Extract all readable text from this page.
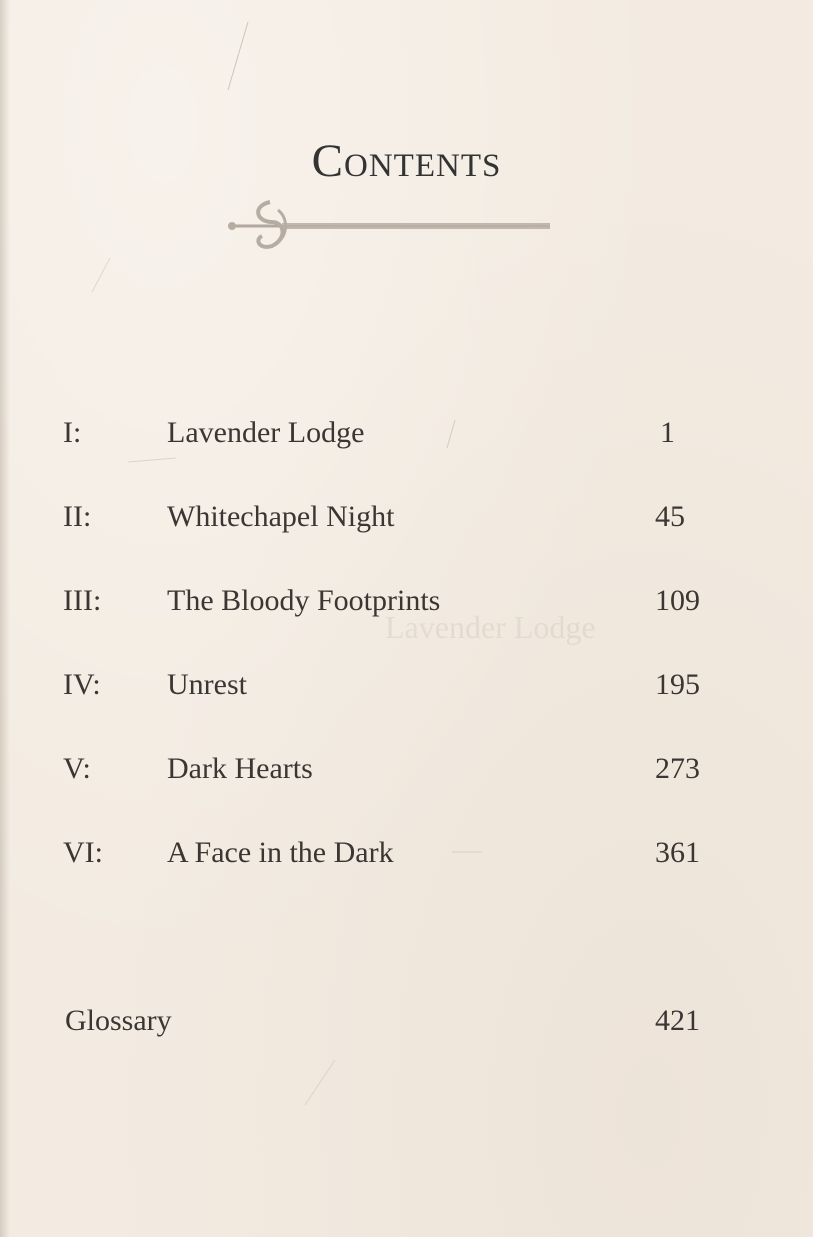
Lavender Lodge
Contents
I:	Lavender Lodge	1
II:	Whitechapel Night	45
III: The Bloody Footprints	109
IV: Unrest	195
V:	Dark Hearts	273
VI: A Face in the Dark	361
Glossary	421
